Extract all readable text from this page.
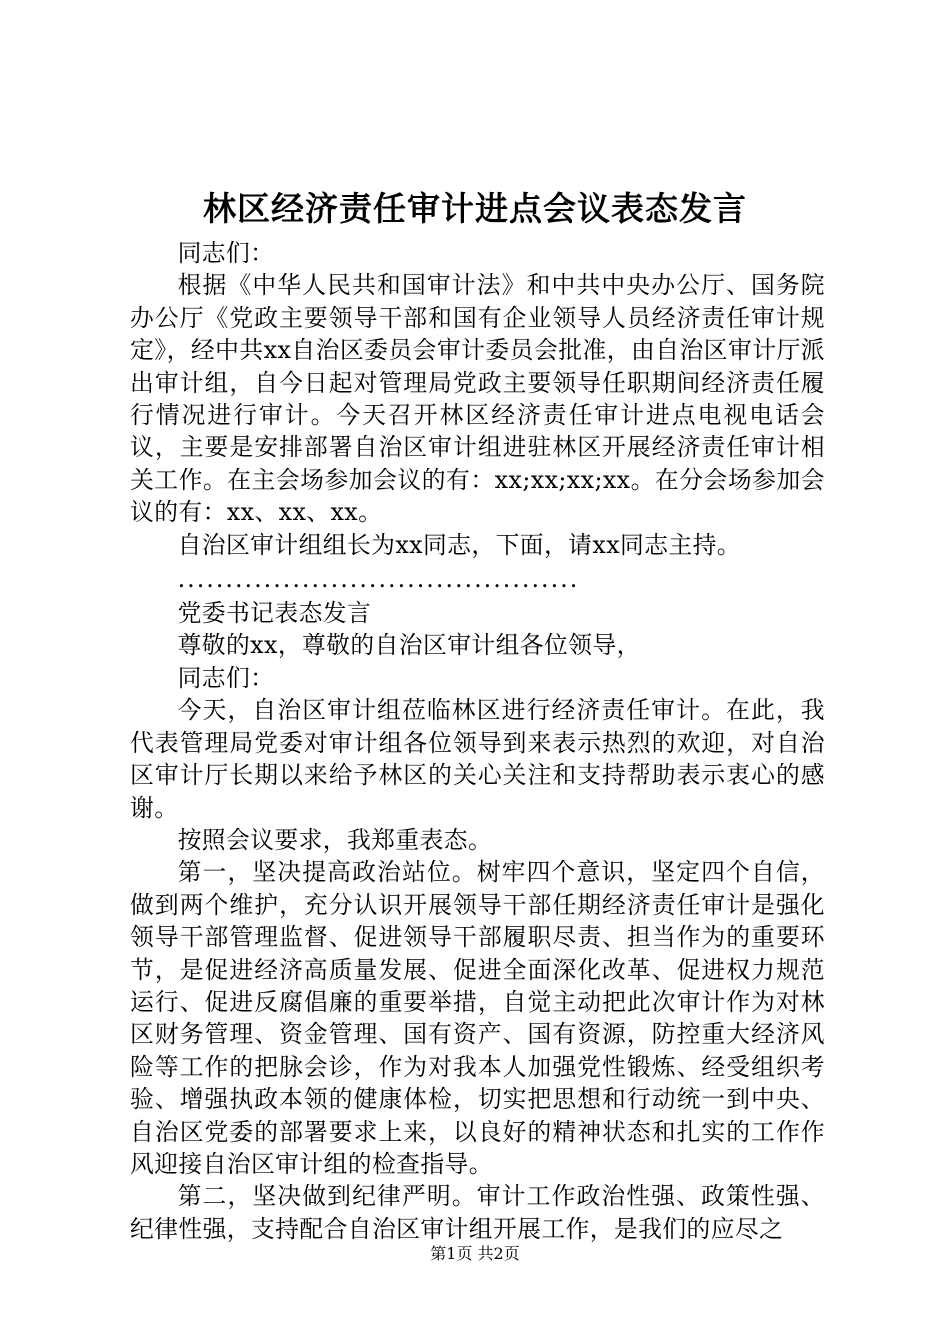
林区经济责任审计进点会议表态发言

同志们：

根据《中华人民共和国审计法》和中共中央办公厅、国务院办公厅《党政主要领导干部和国有企业领导人员经济责任审计规定》，经中共xx自治区委员会审计委员会批准，由自治区审计厅派出审计组，自今日起对管理局党政主要领导任职期间经济责任履行情况进行审计。今天召开林区经济责任审计进点电视电话会议，主要是安排部署自治区审计组进驻林区开展经济责任审计相关工作。在主会场参加会议的有：xx;xx;xx;xx。在分会场参加会议的有：xx、xx、xx。

自治区审计组组长为xx同志，下面，请xx同志主持。

..........................................

党委书记表态发言

尊敬的xx，尊敬的自治区审计组各位领导，

同志们：

今天，自治区审计组莅临林区进行经济责任审计。在此，我代表管理局党委对审计组各位领导到来表示热烈的欢迎，对自治区审计厅长期以来给予林区的关心关注和支持帮助表示衷心的感谢。

按照会议要求，我郑重表态。

第一，坚决提高政治站位。树牢四个意识，坚定四个自信，做到两个维护，充分认识开展领导干部任期经济责任审计是强化领导干部管理监督、促进领导干部履职尽责、担当作为的重要环节，是促进经济高质量发展、促进全面深化改革、促进权力规范运行、促进反腐倡廉的重要举措，自觉主动把此次审计作为对林区财务管理、资金管理、国有资产、国有资源，防控重大经济风险等工作的把脉会诊，作为对我本人加强党性锻炼、经受组织考验、增强执政本领的健康体检，切实把思想和行动统一到中央、自治区党委的部署要求上来，以良好的精神状态和扎实的工作作风迎接自治区审计组的检查指导。

第二，坚决做到纪律严明。审计工作政治性强、政策性强、纪律性强，支持配合自治区审计组开展工作，是我们的应尽之

第1页 共2页
